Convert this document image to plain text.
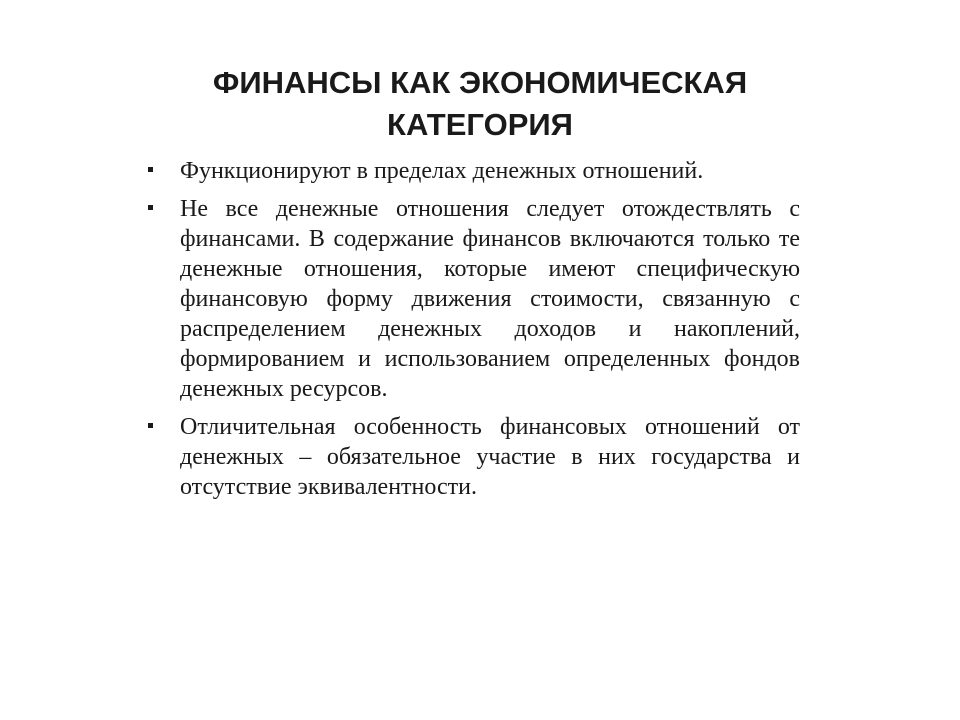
ФИНАНСЫ КАК ЭКОНОМИЧЕСКАЯ
КАТЕГОРИЯ
Функционируют в пределах денежных отношений.
Не все денежные отношения следует отождествлять с финансами. В содержание финансов включаются только те денежные отношения, которые имеют специфическую финансовую форму движения стоимости, связанную с распределением денежных доходов и накоплений, формированием и использованием определенных фондов денежных ресурсов.
Отличительная особенность финансовых отношений от денежных – обязательное участие в них государства и отсутствие эквивалентности.
